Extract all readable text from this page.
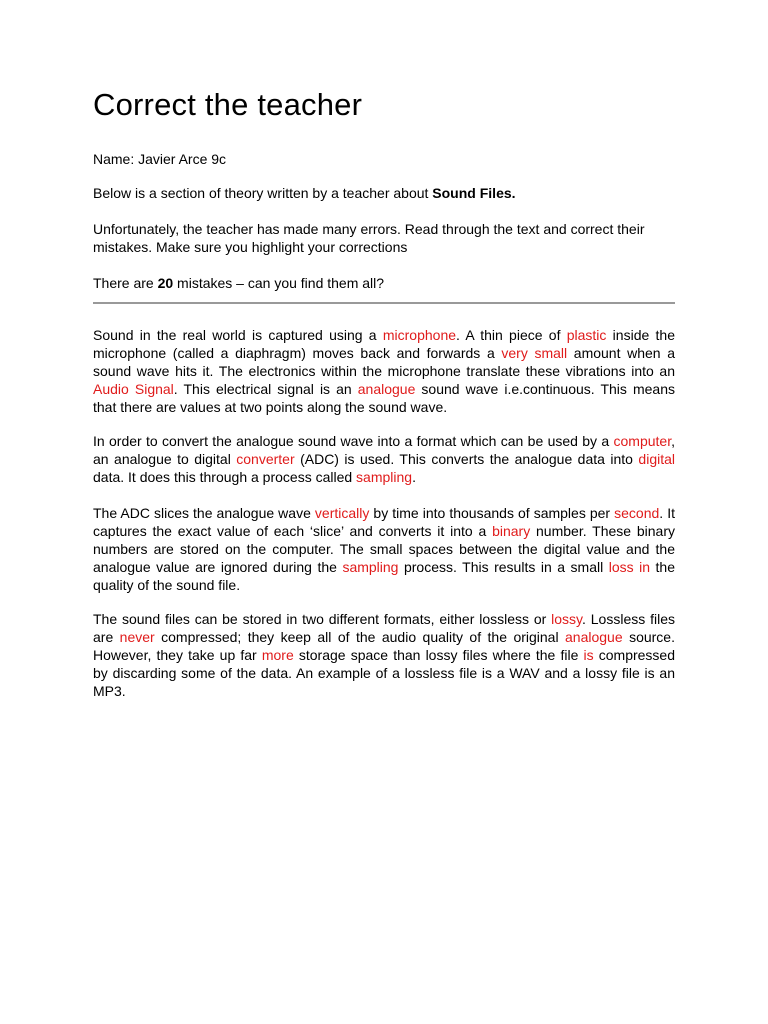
Correct the teacher

Name: Javier Arce 9c

Below is a section of theory written by a teacher about Sound Files.

Unfortunately, the teacher has made many errors. Read through the text and correct their mistakes. Make sure you highlight your corrections

There are 20 mistakes – can you find them all?

Sound in the real world is captured using a microphone. A thin piece of plastic inside the microphone (called a diaphragm) moves back and forwards a very small amount when a sound wave hits it. The electronics within the microphone translate these vibrations into an Audio Signal. This electrical signal is an analogue sound wave i.e.continuous. This means that there are values at two points along the sound wave.

In order to convert the analogue sound wave into a format which can be used by a computer, an analogue to digital converter (ADC) is used. This converts the analogue data into digital data. It does this through a process called sampling.

The ADC slices the analogue wave vertically by time into thousands of samples per second. It captures the exact value of each ‘slice’ and converts it into a binary number. These binary numbers are stored on the computer. The small spaces between the digital value and the analogue value are ignored during the sampling process. This results in a small loss in the quality of the sound file.

The sound files can be stored in two different formats, either lossless or lossy. Lossless files are never compressed; they keep all of the audio quality of the original analogue source. However, they take up far more storage space than lossy files where the file is compressed by discarding some of the data. An example of a lossless file is a WAV and a lossy file is an MP3.
